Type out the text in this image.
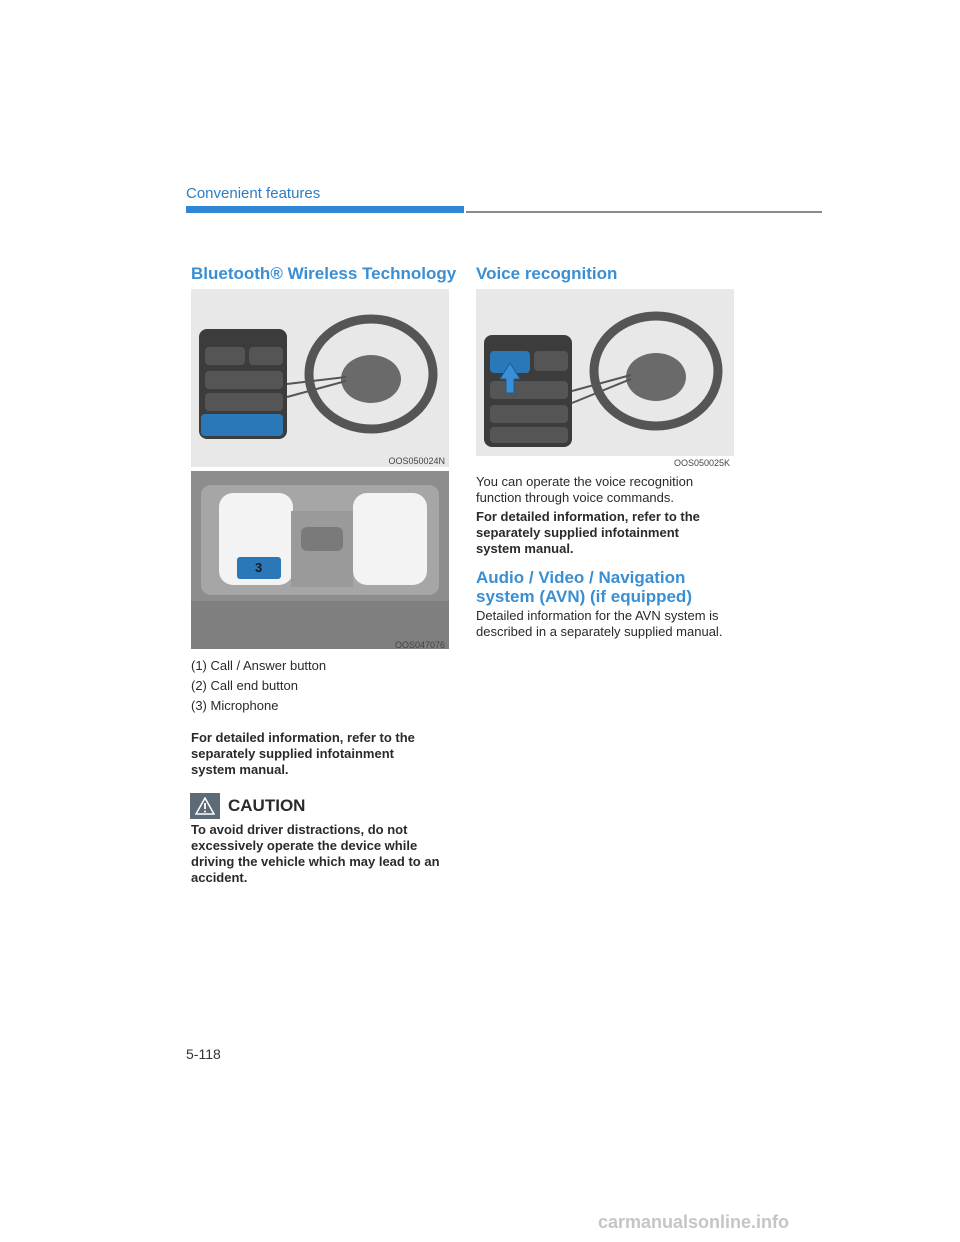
Convenient features
Bluetooth® Wireless Technology
OOS050024N
3
OOS047076
(1) Call / Answer button
(2) Call end button
(3) Microphone
For detailed information, refer to the separately supplied infotainment system manual.
CAUTION
To avoid driver distractions, do not excessively operate the device while driving the vehicle which may lead to an accident.
Voice recognition
OOS050025K
You can operate the voice recognition function through voice commands.
For detailed information, refer to the separately supplied infotainment system manual.
Audio / Video / Navigation system (AVN) (if equipped)
Detailed information for the AVN system is described in a separately supplied manual.
5-118
carmanualsonline.info
